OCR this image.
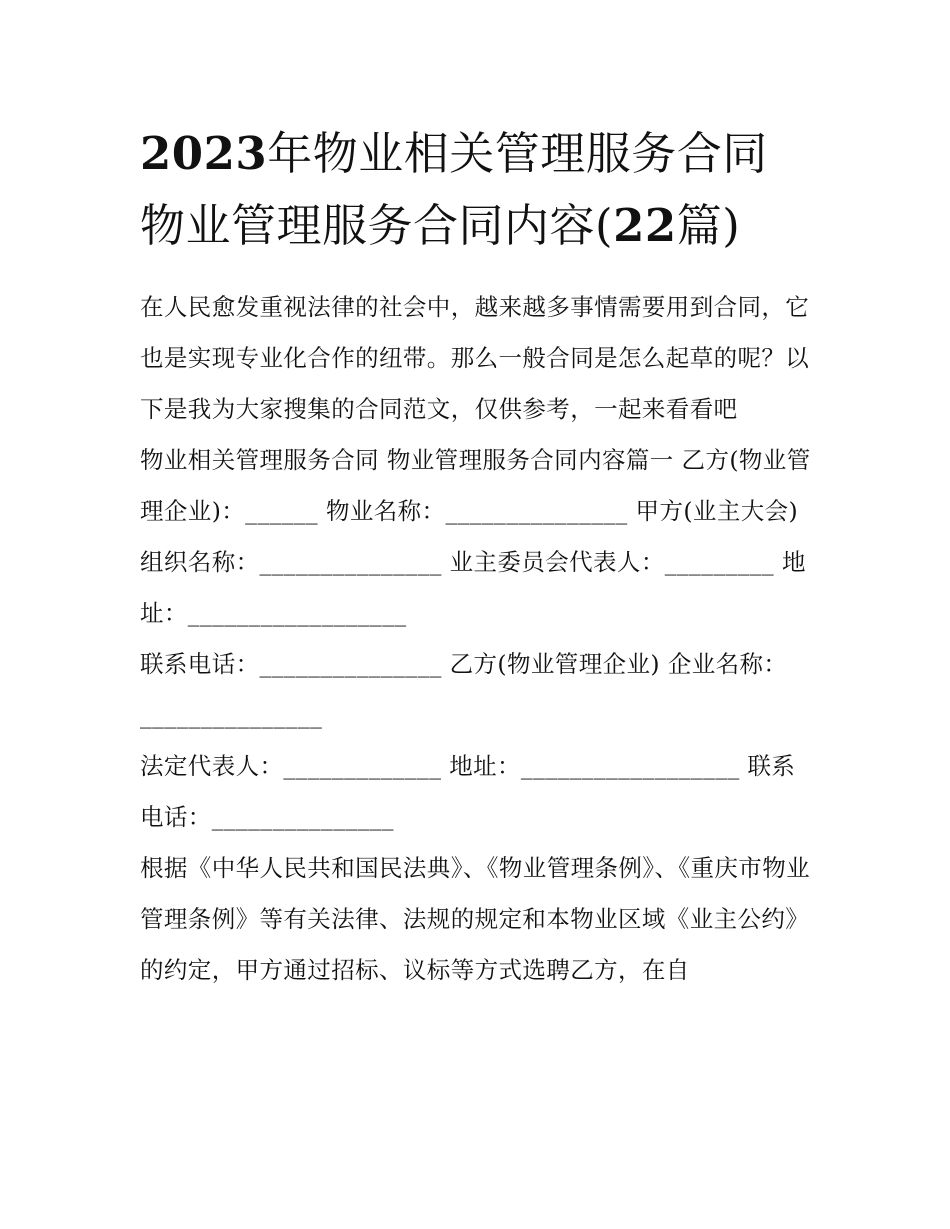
2023年物业相关管理服务合同
物业管理服务合同内容(22篇)

在人民愈发重视法律的社会中，越来越多事情需要用到合同，它也是实现专业化合作的纽带。那么一般合同是怎么起草的呢？以下是我为大家搜集的合同范文，仅供参考，一起来看看吧

物业相关管理服务合同 物业管理服务合同内容篇一 乙方(物业管理企业)：______ 物业名称：_______________ 甲方(业主大会)

组织名称：_______________ 业主委员会代表人：_________ 地址：__________________

联系电话：_______________ 乙方(物业管理企业) 企业名称：_______________

法定代表人：_____________ 地址：__________________ 联系电话：_______________

根据《中华人民共和国民法典》、《物业管理条例》、《重庆市物业管理条例》等有关法律、法规的规定和本物业区域《业主公约》的约定，甲方通过招标、议标等方式选聘乙方，在自
